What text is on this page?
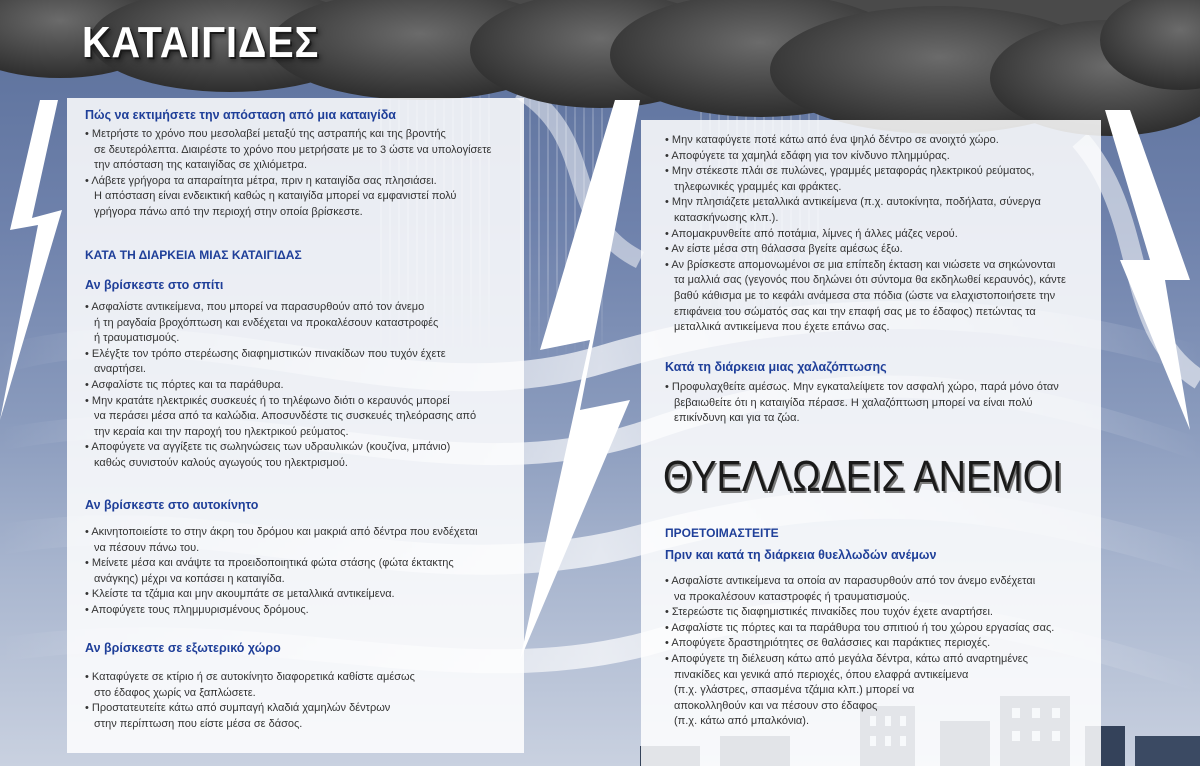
ΚΑΤΑΙΓΙΔΕΣ
ΘΥΕΛΛΩΔΕΙΣ ΑΝΕΜΟΙ
Πώς να εκτιμήσετε την απόσταση από μια καταιγίδα
• Μετρήστε το χρόνο που μεσολαβεί μεταξύ της αστραπής και της βροντής
σε δευτερόλεπτα. Διαιρέστε το χρόνο που μετρήσατε με το 3 ώστε να υπολογίσετε
την απόσταση της καταιγίδας σε χιλιόμετρα.
• Λάβετε γρήγορα τα απαραίτητα μέτρα, πριν η καταιγίδα σας πλησιάσει.
Η απόσταση είναι ενδεικτική καθώς η καταιγίδα μπορεί να εμφανιστεί πολύ
γρήγορα πάνω από την περιοχή στην οποία βρίσκεστε.
ΚΑΤΑ ΤΗ ΔΙΑΡΚΕΙΑ ΜΙΑΣ ΚΑΤΑΙΓΙΔΑΣ
Αν βρίσκεστε στο σπίτι
• Ασφαλίστε αντικείμενα, που μπορεί να παρασυρθούν από τον άνεμο
ή τη ραγδαία βροχόπτωση και ενδέχεται να προκαλέσουν καταστροφές
ή τραυματισμούς.
• Ελέγξτε τον τρόπο στερέωσης διαφημιστικών πινακίδων που τυχόν έχετε
αναρτήσει.
• Ασφαλίστε τις πόρτες και τα παράθυρα.
• Μην κρατάτε ηλεκτρικές συσκευές ή το τηλέφωνο διότι ο κεραυνός μπορεί
να περάσει μέσα από τα καλώδια. Αποσυνδέστε τις συσκευές τηλεόρασης από
την κεραία και την παροχή του ηλεκτρικού ρεύματος.
• Αποφύγετε να αγγίξετε τις σωληνώσεις των υδραυλικών (κουζίνα, μπάνιο)
καθώς συνιστούν καλούς αγωγούς του ηλεκτρισμού.
Αν βρίσκεστε στο αυτοκίνητο
• Ακινητοποιείστε το στην άκρη του δρόμου και μακριά από δέντρα που ενδέχεται
να πέσουν πάνω του.
• Μείνετε μέσα και ανάψτε τα προειδοποιητικά φώτα στάσης (φώτα έκτακτης
ανάγκης) μέχρι να κοπάσει η καταιγίδα.
• Κλείστε τα τζάμια και μην ακουμπάτε σε μεταλλικά αντικείμενα.
• Αποφύγετε τους πλημμυρισμένους δρόμους.
Αν βρίσκεστε σε εξωτερικό χώρο
• Καταφύγετε σε κτίριο ή σε αυτοκίνητο διαφορετικά καθίστε αμέσως
στο έδαφος χωρίς να ξαπλώσετε.
• Προστατευτείτε κάτω από συμπαγή κλαδιά χαμηλών δέντρων
στην περίπτωση που είστε μέσα σε δάσος.
• Μην καταφύγετε ποτέ κάτω από ένα ψηλό δέντρο σε ανοιχτό χώρο.
• Αποφύγετε τα χαμηλά εδάφη για τον κίνδυνο πλημμύρας.
• Μην στέκεστε πλάι σε πυλώνες, γραμμές μεταφοράς ηλεκτρικού ρεύματος,
τηλεφωνικές γραμμές και φράκτες.
• Μην πλησιάζετε μεταλλικά αντικείμενα (π.χ. αυτοκίνητα, ποδήλατα, σύνεργα
κατασκήνωσης κλπ.).
• Απομακρυνθείτε από ποτάμια, λίμνες ή άλλες μάζες νερού.
• Αν είστε μέσα στη θάλασσα βγείτε αμέσως έξω.
• Αν βρίσκεστε απομονωμένοι σε μια επίπεδη έκταση και νιώσετε να σηκώνονται
τα μαλλιά σας (γεγονός που δηλώνει ότι σύντομα θα εκδηλωθεί κεραυνός), κάντε
βαθύ κάθισμα με το κεφάλι ανάμεσα στα πόδια (ώστε να ελαχιστοποιήσετε την
επιφάνεια του σώματός σας και την επαφή σας με το έδαφος) πετώντας τα
μεταλλικά αντικείμενα που έχετε επάνω σας.
Κατά τη διάρκεια μιας χαλαζόπτωσης
• Προφυλαχθείτε αμέσως. Μην εγκαταλείψετε τον ασφαλή χώρο, παρά μόνο όταν
βεβαιωθείτε ότι η καταιγίδα πέρασε. Η χαλαζόπτωση μπορεί να είναι πολύ
επικίνδυνη και για τα ζώα.
ΠΡΟΕΤΟΙΜΑΣΤΕΙΤΕ
Πριν και κατά τη διάρκεια θυελλωδών ανέμων
• Ασφαλίστε αντικείμενα τα οποία αν παρασυρθούν από τον άνεμο ενδέχεται
να προκαλέσουν καταστροφές ή τραυματισμούς.
• Στερεώστε τις διαφημιστικές πινακίδες που τυχόν έχετε αναρτήσει.
• Ασφαλίστε τις πόρτες και τα παράθυρα του σπιτιού ή του χώρου εργασίας σας.
• Αποφύγετε δραστηριότητες σε θαλάσσιες και παράκτιες περιοχές.
• Αποφύγετε τη διέλευση κάτω από μεγάλα δέντρα, κάτω από αναρτημένες
πινακίδες και γενικά από περιοχές, όπου ελαφρά αντικείμενα
(π.χ. γλάστρες, σπασμένα τζάμια κλπ.) μπορεί να
αποκολληθούν και να πέσουν στο έδαφος
(π.χ. κάτω από μπαλκόνια).
